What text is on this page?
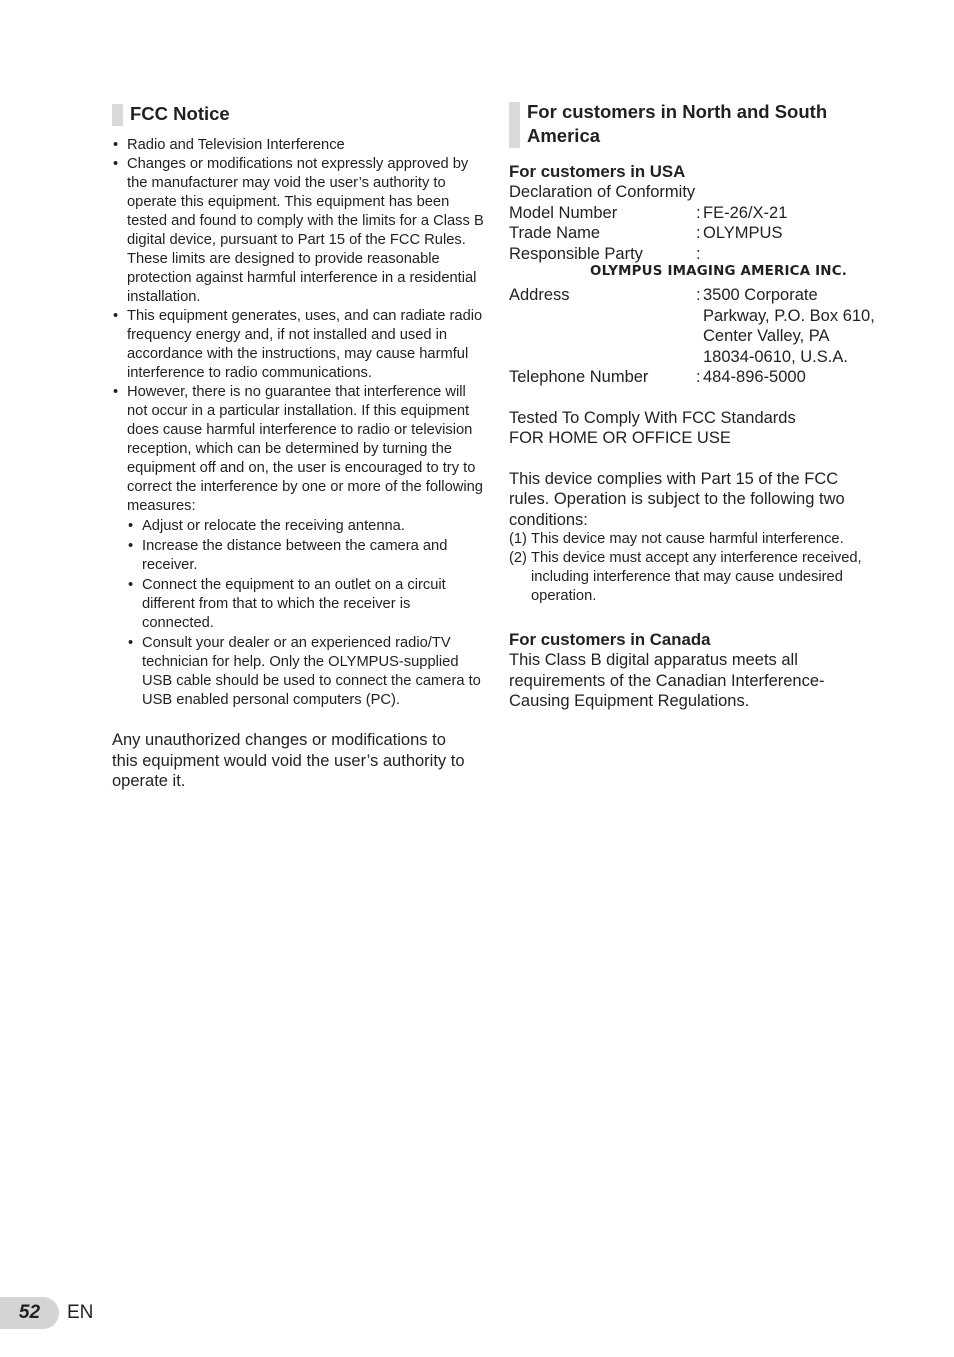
FCC Notice
• Radio and Television Interference
• Changes or modifications not expressly approved by the manufacturer may void the user’s authority to operate this equipment. This equipment has been tested and found to comply with the limits for a Class B digital device, pursuant to Part 15 of the FCC Rules. These limits are designed to provide reasonable protection against harmful interference in a residential installation.
• This equipment generates, uses, and can radiate radio frequency energy and, if not installed and used in accordance with the instructions, may cause harmful interference to radio communications.
• However, there is no guarantee that interference will not occur in a particular installation. If this equipment does cause harmful interference to radio or television reception, which can be determined by turning the equipment off and on, the user is encouraged to try to correct the interference by one or more of the following measures:
• Adjust or relocate the receiving antenna.
• Increase the distance between the camera and receiver.
• Connect the equipment to an outlet on a circuit different from that to which the receiver is connected.
• Consult your dealer or an experienced radio/TV technician for help. Only the OLYMPUS-supplied USB cable should be used to connect the camera to USB enabled personal computers (PC).

Any unauthorized changes or modifications to this equipment would void the user’s authority to operate it.

For customers in North and South America
For customers in USA
Declaration of Conformity
Model Number	: FE-26/X-21
Trade Name	: OLYMPUS
Responsible Party	:
OLYMPUS IMAGING AMERICA INC.
Address	: 3500 Corporate Parkway, P.O. Box 610, Center Valley, PA 18034-0610, U.S.A.
Telephone Number	: 484-896-5000
Tested To Comply With FCC Standards
FOR HOME OR OFFICE USE

This device complies with Part 15 of the FCC rules. Operation is subject to the following two conditions:

(1) This device may not cause harmful interference.
(2) This device must accept any interference received, including interference that may cause undesired operation.
For customers in Canada

This Class B digital apparatus meets all requirements of the Canadian Interference-Causing Equipment Regulations.

52	EN
